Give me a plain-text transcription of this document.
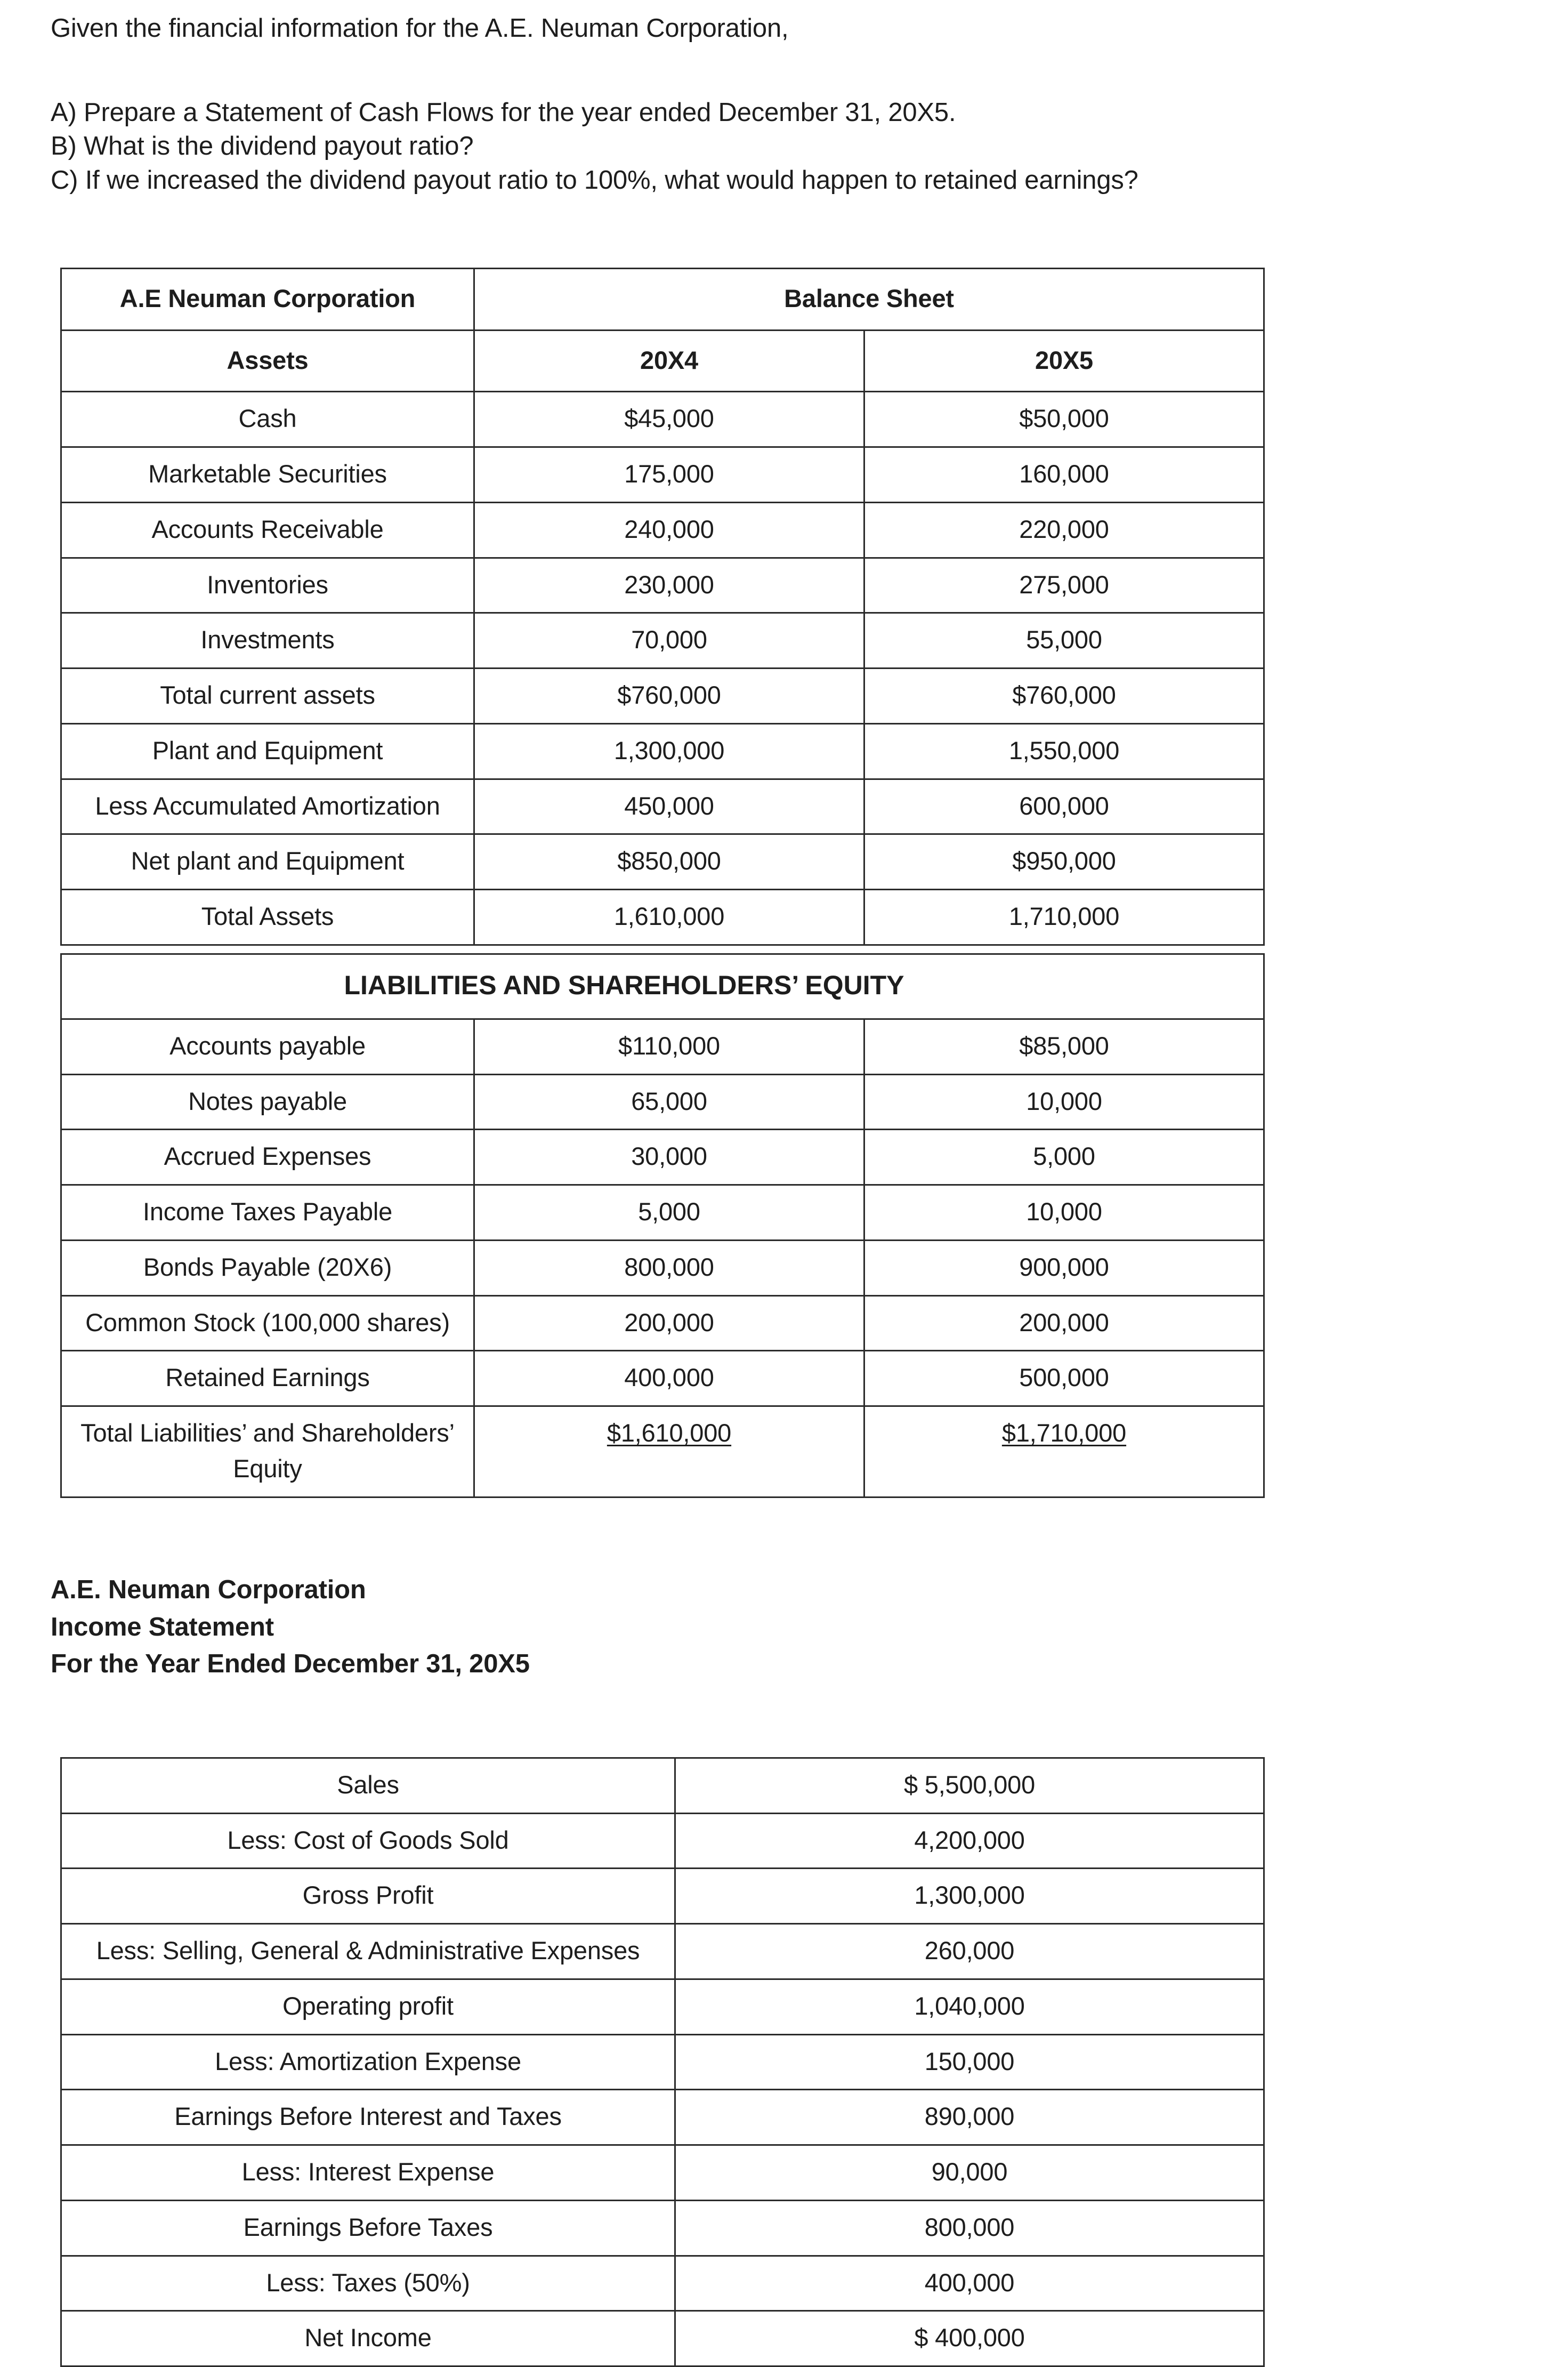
Given the financial information for the A.E. Neuman Corporation,

A) Prepare a Statement of Cash Flows for the year ended December 31, 20X5.

B) What is the dividend payout ratio?

C) If we increased the dividend payout ratio to 100%, what would happen to retained earnings?

A.E Neuman Corporation	Balance Sheet	
Assets	20X4	20X5
Cash	$45,000	$50,000
Marketable Securities	175,000	160,000
Accounts Receivable	240,000	220,000
Inventories	230,000	275,000
Investments	70,000	55,000
Total current assets	$760,000	$760,000
Plant and Equipment	1,300,000	1,550,000
Less Accumulated Amortization	450,000	600,000
Net plant and Equipment	$850,000	$950,000
Total Assets	1,610,000	1,710,000
LIABILITIES AND SHAREHOLDERS’ EQUITY		

Accounts payable	$110,000	$85,000
Notes payable	65,000	10,000
Accrued Expenses	30,000	5,000
Income Taxes Payable	5,000	10,000
Bonds Payable (20X6)	800,000	900,000
Common Stock (100,000 shares)	200,000	200,000
Retained Earnings	400,000	500,000
Total Liabilities’ and Shareholders’ Equity	$1,610,000	$1,710,000
A.E. Neuman Corporation
Income Statement
For the Year Ended December 31, 20X5
Sales	$ 5,500,000
Less: Cost of Goods Sold	4,200,000
Gross Profit	1,300,000
Less: Selling, General & Administrative Expenses	260,000
Operating profit	1,040,000
Less: Amortization Expense	150,000
Earnings Before Interest and Taxes	890,000
Less: Interest Expense	90,000
Earnings Before Taxes	800,000
Less: Taxes (50%)	400,000
Net Income	$ 400,000
